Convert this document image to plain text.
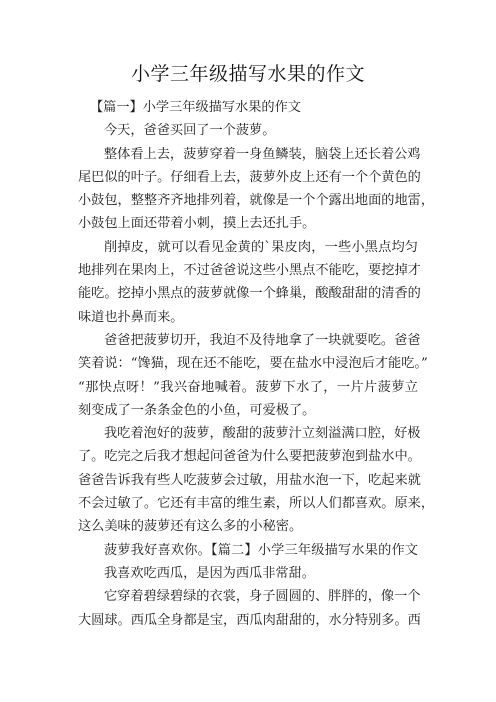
小学三年级描写水果的作文
【篇一】小学三年级描写水果的作文
今天，爸爸买回了一个菠萝。
整体看上去，菠萝穿着一身鱼鳞装，脑袋上还长着公鸡
尾巴似的叶子。仔细看上去，菠萝外皮上还有一个个黄色的
小鼓包，整整齐齐地排列着，就像是一个个露出地面的地雷，
小鼓包上面还带着小刺，摸上去还扎手。
削掉皮，就可以看见金黄的`果皮肉，一些小黑点均匀
地排列在果肉上，不过爸爸说这些小黑点不能吃，要挖掉才
能吃。挖掉小黑点的菠萝就像一个蜂巢，酸酸甜甜的清香的
味道也扑鼻而来。
爸爸把菠萝切开，我迫不及待地拿了一块就要吃。爸爸
笑着说：“馋猫，现在还不能吃，要在盐水中浸泡后才能吃。”
“那快点呀！”我兴奋地喊着。菠萝下水了，一片片菠萝立
刻变成了一条条金色的小鱼，可爱极了。
我吃着泡好的菠萝，酸甜的菠萝汁立刻溢满口腔，好极
了。吃完之后我才想起问爸爸为什么要把菠萝泡到盐水中。
爸爸告诉我有些人吃菠萝会过敏，用盐水泡一下，吃起来就
不会过敏了。它还有丰富的维生素，所以人们都喜欢。原来，
这么美味的菠萝还有这么多的小秘密。
菠萝我好喜欢你。【篇二】小学三年级描写水果的作文
我喜欢吃西瓜，是因为西瓜非常甜。
它穿着碧绿碧绿的衣裳，身子圆圆的、胖胖的，像一个
大圆球。西瓜全身都是宝，西瓜肉甜甜的，水分特别多。西
